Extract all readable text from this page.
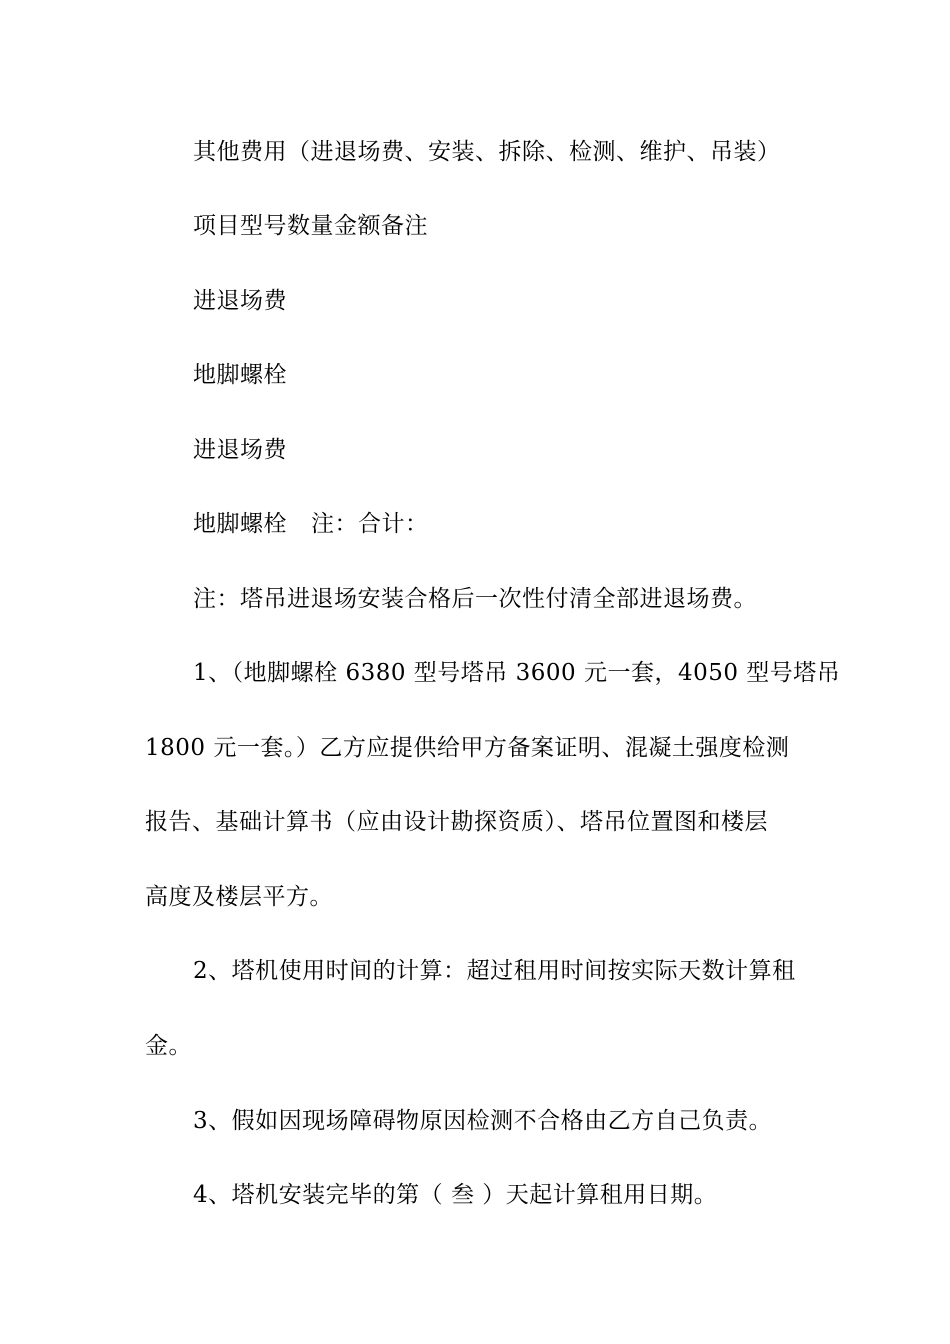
其他费用（进退场费、安装、拆除、检测、维护、吊装）
项目型号数量金额备注
进退场费
地脚螺栓
进退场费
地脚螺栓 注：合计：
注：塔吊进退场安装合格后一次性付清全部进退场费。
1、（地脚螺栓 6380 型号塔吊 3600 元一套，4050 型号塔吊
1800 元一套。）乙方应提供给甲方备案证明、混凝土强度检测
报告、基础计算书（应由设计勘探资质）、塔吊位置图和楼层
高度及楼层平方。
2、塔机使用时间的计算：超过租用时间按实际天数计算租
金。
3、假如因现场障碍物原因检测不合格由乙方自己负责。
4、塔机安装完毕的第（ 叁 ）天起计算租用日期。
